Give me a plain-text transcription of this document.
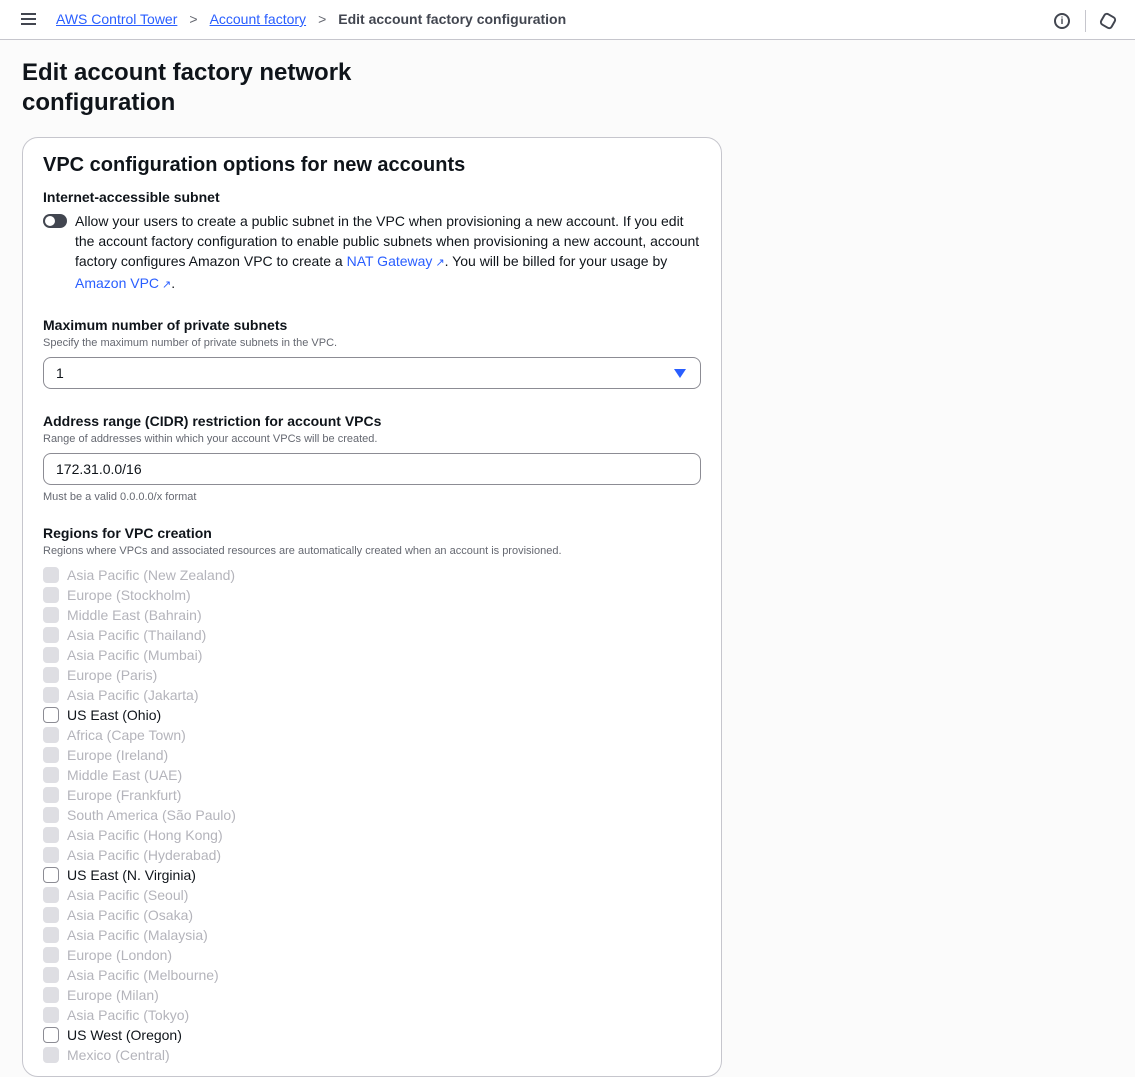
AWS Control Tower > Account factory > Edit account factory configuration	i
Edit account factory network configuration
VPC configuration options for new accounts
Internet-accessible subnet
Allow your users to create a public subnet in the VPC when provisioning a new account. If you edit the account factory configuration to enable public subnets when provisioning a new account, account factory configures Amazon VPC to create a NAT Gateway ↗. You will be billed for your usage by Amazon VPC ↗.
Maximum number of private subnets
Specify the maximum number of private subnets in the VPC.
1
Address range (CIDR) restriction for account VPCs
Range of addresses within which your account VPCs will be created.
172.31.0.0/16
Must be a valid 0.0.0.0/x format
Regions for VPC creation
Regions where VPCs and associated resources are automatically created when an account is provisioned.
Asia Pacific (New Zealand)
Europe (Stockholm)
Middle East (Bahrain)
Asia Pacific (Thailand)
Asia Pacific (Mumbai)
Europe (Paris)
Asia Pacific (Jakarta)
US East (Ohio)
Africa (Cape Town)
Europe (Ireland)
Middle East (UAE)
Europe (Frankfurt)
South America (São Paulo)
Asia Pacific (Hong Kong)
Asia Pacific (Hyderabad)
US East (N. Virginia)
Asia Pacific (Seoul)
Asia Pacific (Osaka)
Asia Pacific (Malaysia)
Europe (London)
Asia Pacific (Melbourne)
Europe (Milan)
Asia Pacific (Tokyo)
US West (Oregon)
Mexico (Central)
